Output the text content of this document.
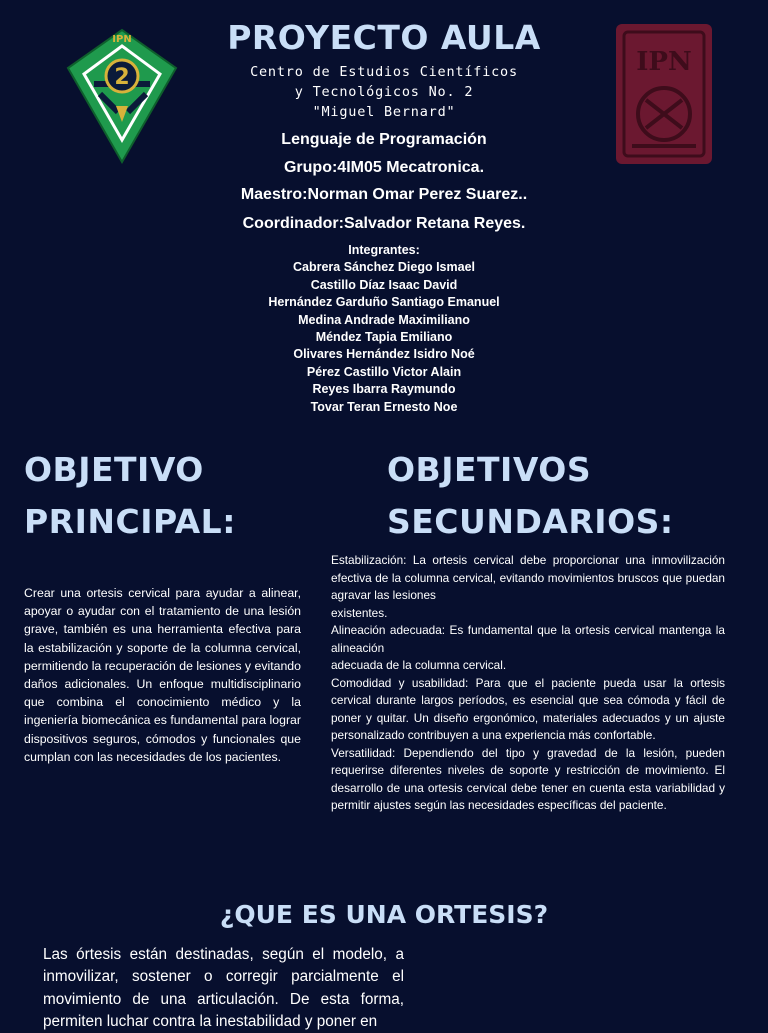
2
IPN
IPN
PROYECTO AULA
Centro de Estudios Científicos
y Tecnológicos No. 2
"Miguel Bernard"
Lenguaje de Programación
Grupo:4IM05 Mecatronica.
Maestro:Norman Omar Perez Suarez..
Coordinador:Salvador Retana Reyes.
Integrantes:
Cabrera Sánchez Diego Ismael
Castillo Díaz Isaac David
Hernández Garduño Santiago Emanuel
Medina Andrade Maximiliano
Méndez Tapia Emiliano
Olivares Hernández Isidro Noé
Pérez Castillo Victor Alain
Reyes Ibarra Raymundo
Tovar Teran Ernesto Noe
OBJETIVO
PRINCIPAL:

Crear una ortesis cervical para ayudar a alinear, apoyar o ayudar con el tratamiento de una lesión grave, también es una herramienta efectiva para la estabilización y soporte de la columna cervical, permitiendo la recuperación de lesiones y evitando daños adicionales. Un enfoque multidisciplinario que combina el conocimiento médico y la ingeniería biomecánica es fundamental para lograr dispositivos seguros, cómodos y funcionales que cumplan con las necesidades de los pacientes.

OBJETIVOS
SECUNDARIOS:

Estabilización: La ortesis cervical debe proporcionar una inmovilización efectiva de la columna cervical, evitando movimientos bruscos que puedan agravar las lesiones

existentes.

Alineación adecuada: Es fundamental que la ortesis cervical mantenga la alineación

adecuada de la columna cervical.

Comodidad y usabilidad: Para que el paciente pueda usar la ortesis cervical durante largos períodos, es esencial que sea cómoda y fácil de poner y quitar. Un diseño ergonómico, materiales adecuados y un ajuste personalizado contribuyen a una experiencia más confortable.

Versatilidad: Dependiendo del tipo y gravedad de la lesión, pueden requerirse diferentes niveles de soporte y restricción de movimiento. El desarrollo de una ortesis cervical debe tener en cuenta esta variabilidad y permitir ajustes según las necesidades específicas del paciente.

¿QUE ES UNA ORTESIS?
Las órtesis están destinadas, según el modelo, a inmovilizar, sostener o corregir parcialmente el movimiento de una articulación. De esta forma, permiten luchar contra la inestabilidad y poner en
